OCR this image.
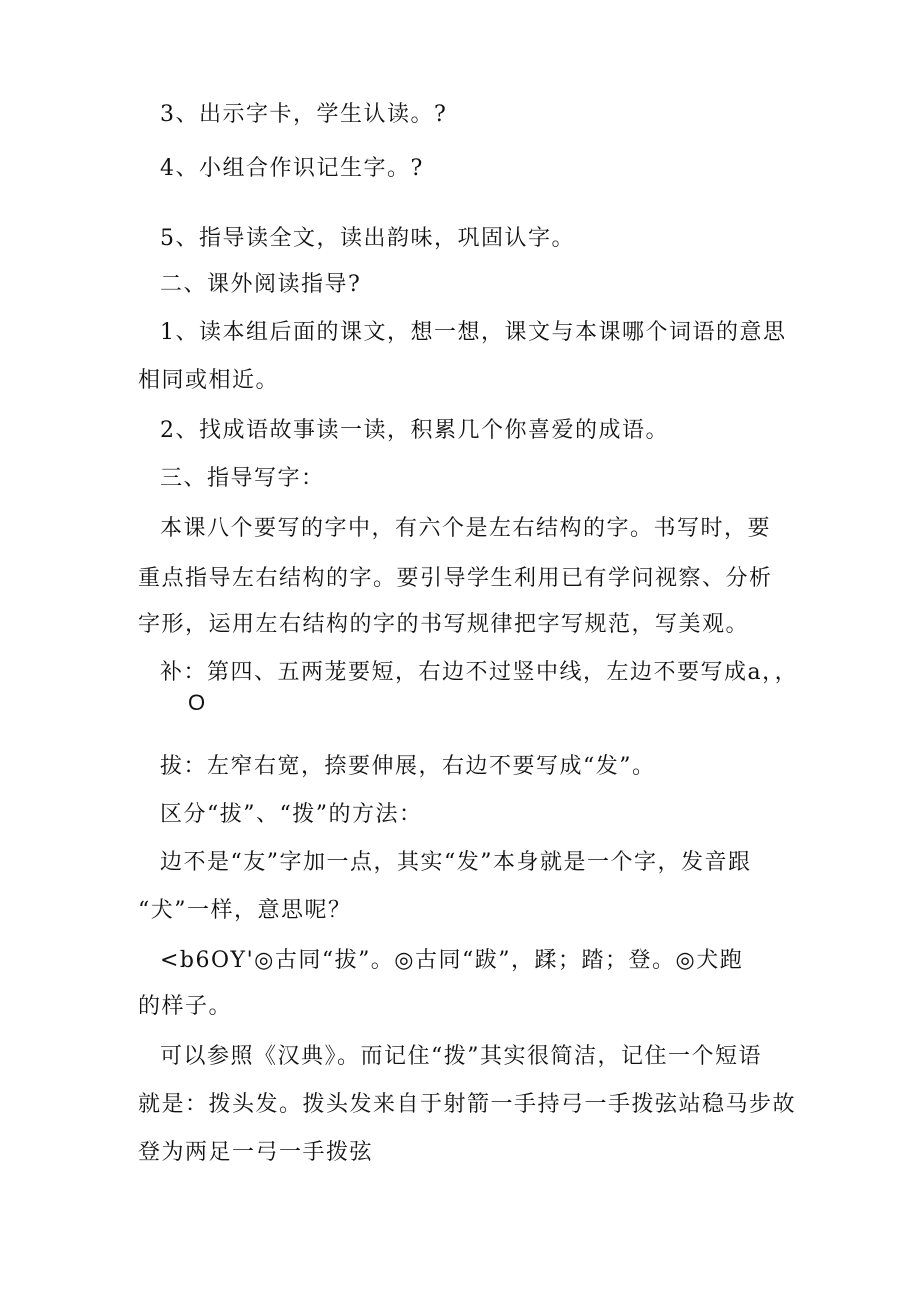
3、出示字卡，学生认读。?
4、小组合作识记生字。?
5、指导读全文，读出韵味，巩固认字。
二、课外阅读指导?
1、读本组后面的课文，想一想，课文与本课哪个词语的意思
相同或相近。
2、找成语故事读一读，积累几个你喜爱的成语。
三、指导写字：
本课八个要写的字中，有六个是左右结构的字。书写时，要
重点指导左右结构的字。要引导学生利用已有学问视察、分析
字形，运用左右结构的字的书写规律把字写规范，写美观。
补：第四、五两茏要短，右边不过竖中线，左边不要写成a，，
O
拔：左窄右宽，捺要伸展，右边不要写成“发”。
区分“拔”、“拨”的方法：
边不是“友”字加一点，其实“发”本身就是一个字，发音跟
“犬”一样，意思呢？
<b6OY'◎古同“拔”。◎古同“跋”，蹂；踏；登。◎犬跑
的样子。
可以参照《汉典》。而记住“拨”其实很简洁，记住一个短语
就是：拨头发。拨头发来自于射箭一手持弓一手拨弦站稳马步故
登为两足一弓一手拨弦
